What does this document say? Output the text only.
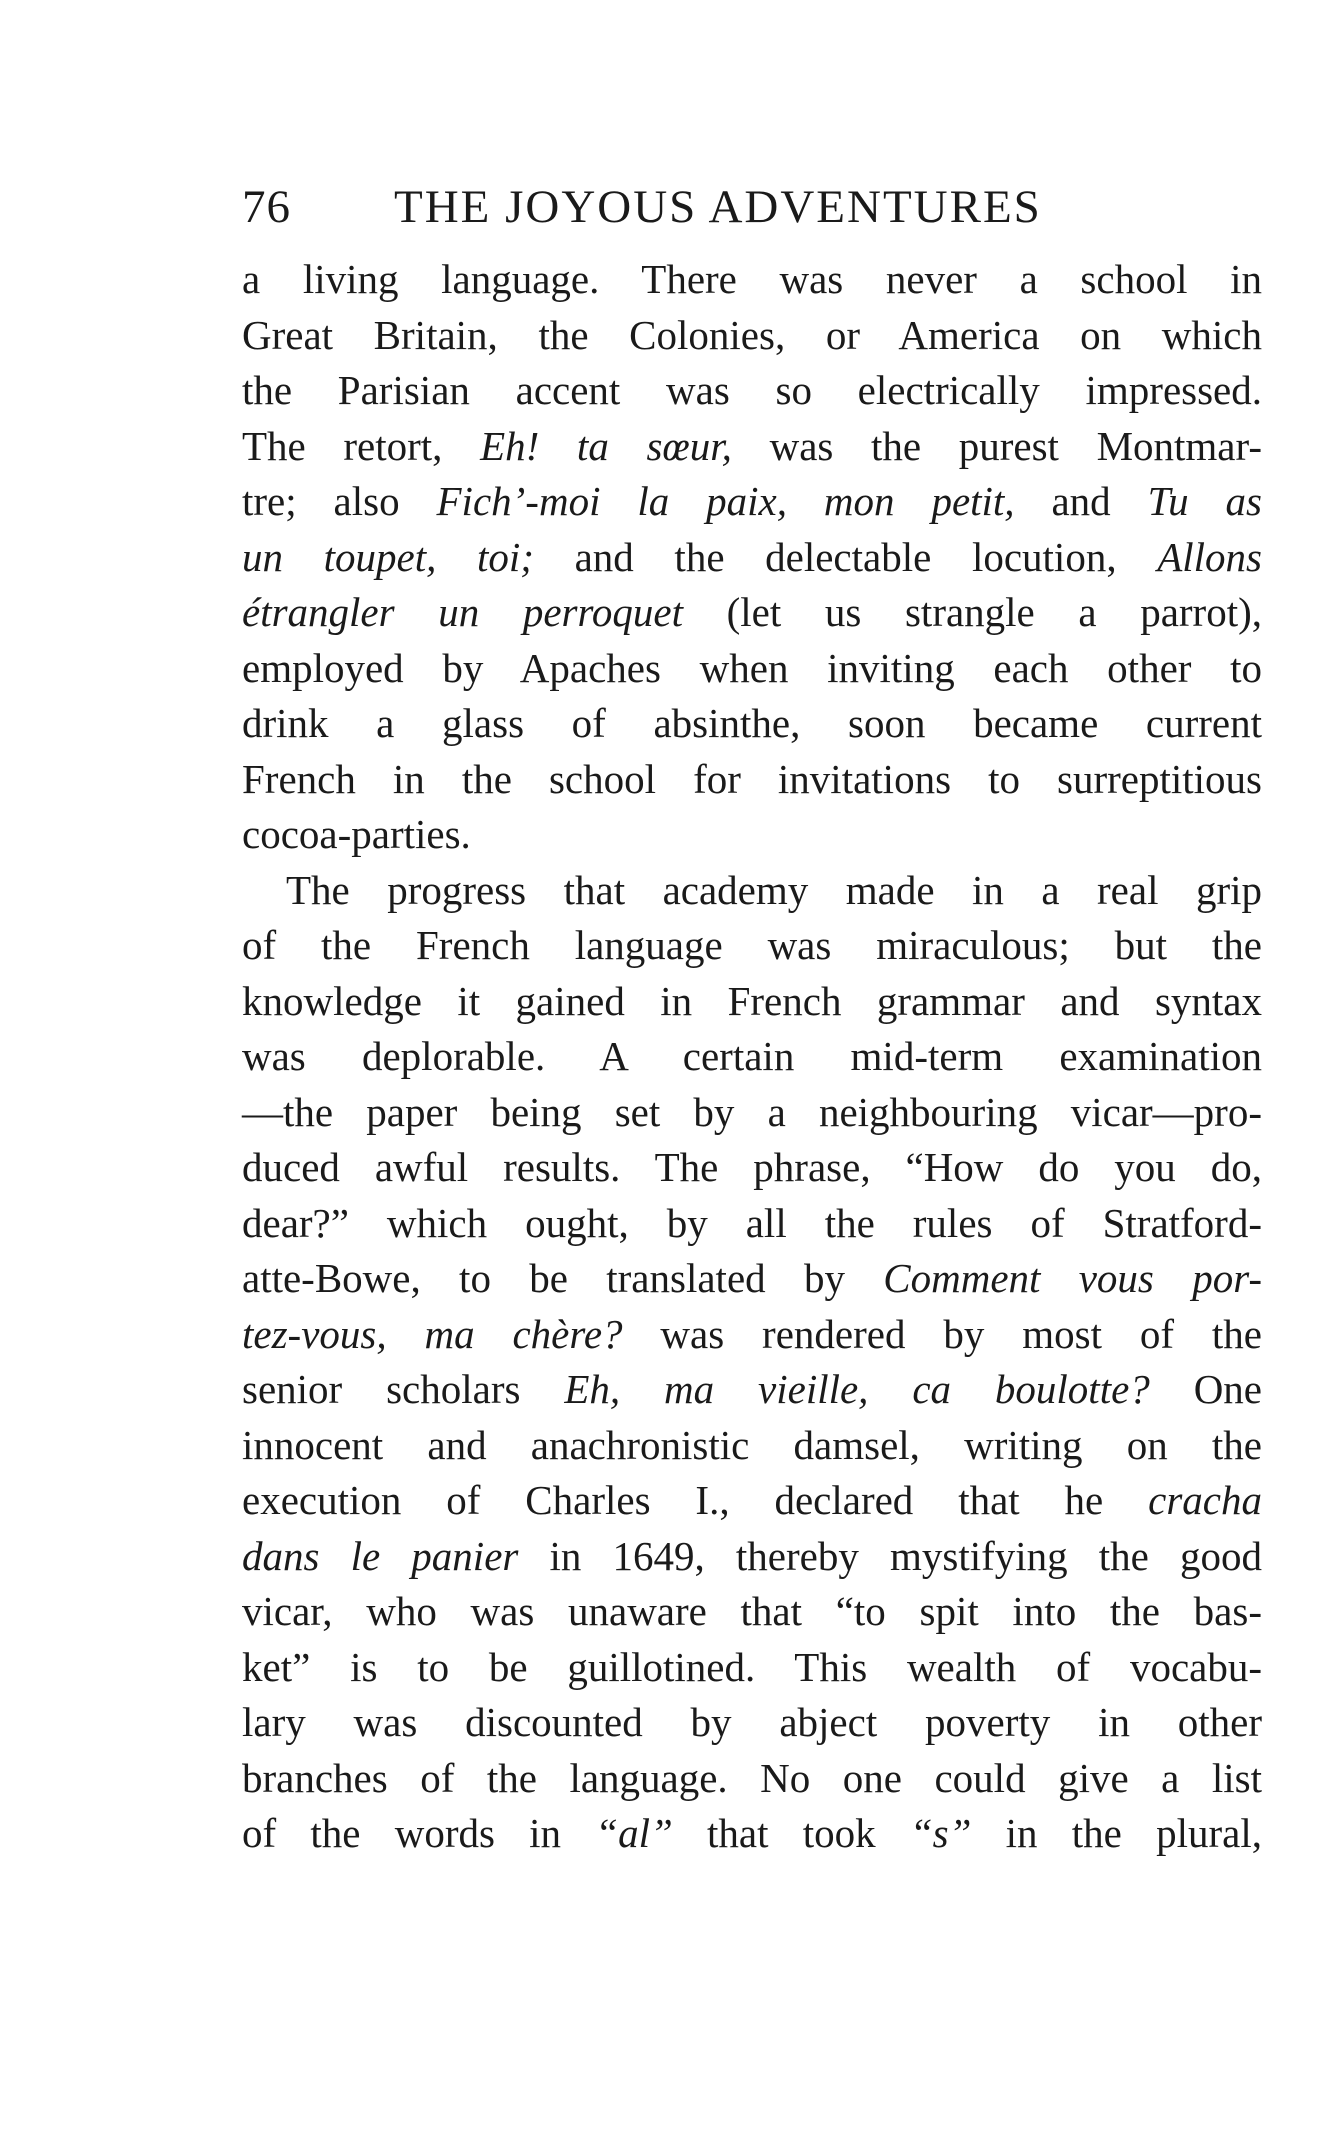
76 THE JOYOUS ADVENTURES
a living language. There was never a school in
Great Britain, the Colonies, or America on which
the Parisian accent was so electrically impressed.
The retort, Eh! ta sœur, was the purest Montmar-
tre; also Fich’-moi la paix, mon petit, and Tu as
un toupet, toi; and the delectable locution, Allons
étrangler un perroquet (let us strangle a parrot),
employed by Apaches when inviting each other to
drink a glass of absinthe, soon became current
French in the school for invitations to surreptitious
cocoa-parties.
The progress that academy made in a real grip
of the French language was miraculous; but the
knowledge it gained in French grammar and syntax
was deplorable. A certain mid-term examination
—the paper being set by a neighbouring vicar—pro-
duced awful results. The phrase, “How do you do,
dear?” which ought, by all the rules of Stratford-
atte-Bowe, to be translated by Comment vous por-
tez-vous, ma chère? was rendered by most of the
senior scholars Eh, ma vieille, ca boulotte? One
innocent and anachronistic damsel, writing on the
execution of Charles I., declared that he cracha
dans le panier in 1649, thereby mystifying the good
vicar, who was unaware that “to spit into the bas-
ket” is to be guillotined. This wealth of vocabu-
lary was discounted by abject poverty in other
branches of the language. No one could give a list
of the words in “al” that took “s” in the plural,
